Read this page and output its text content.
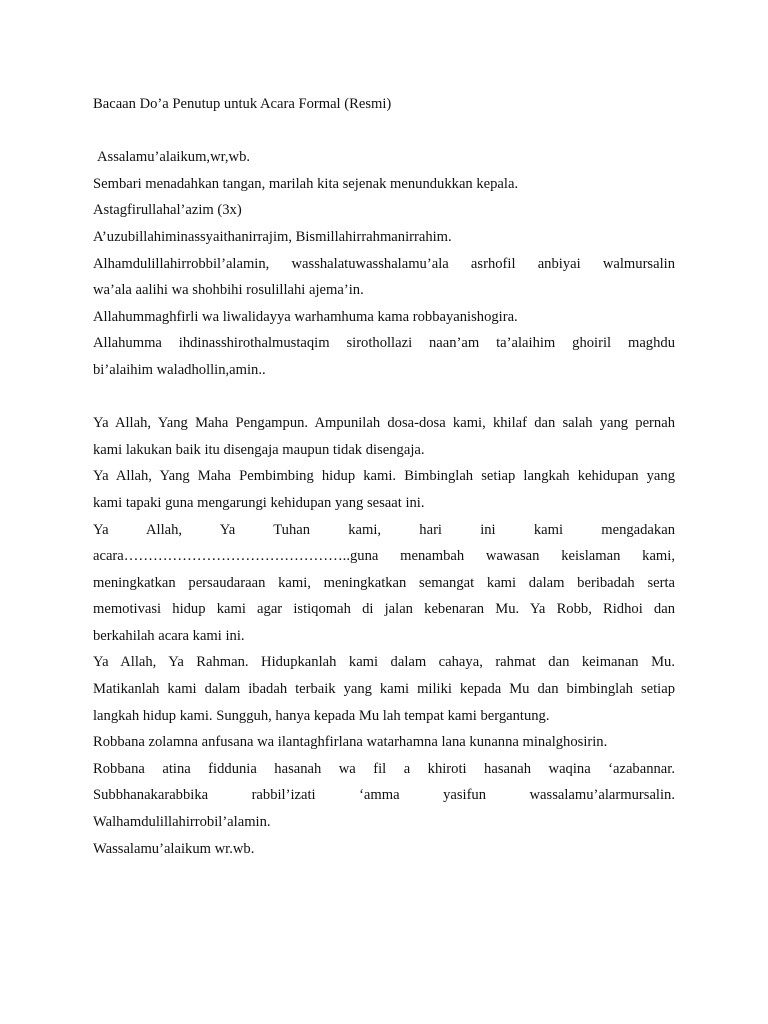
Bacaan Do’a Penutup untuk Acara Formal (Resmi)
Assalamu’alaikum,wr,wb.
Sembari menadahkan tangan, marilah kita sejenak menundukkan kepala.
Astagfirullahal’azim (3x)
A’uzubillahiminassyaithanirrajim, Bismillahirrahmanirrahim.
Alhamdulillahirrobbil’alamin, wasshalatuwasshalamu’ala asrhofil anbiyai walmursalin
wa’ala aalihi wa shohbihi rosulillahi ajema’in.
Allahummaghfirli wa liwalidayya warhamhuma kama robbayanishogira.
Allahumma ihdinasshirothalmustaqim sirothollazi naan’am ta’alaihim ghoiril maghdu
bi’alaihim waladhollin,amin..
Ya Allah, Yang Maha Pengampun. Ampunilah dosa-dosa kami, khilaf dan salah yang pernah
kami lakukan baik itu disengaja maupun tidak disengaja.
Ya Allah, Yang Maha Pembimbing hidup kami. Bimbinglah setiap langkah kehidupan yang
kami tapaki guna mengarungi kehidupan yang sesaat ini.
Ya Allah, Ya Tuhan kami, hari ini kami mengadakan
acara………………………………………..guna menambah wawasan keislaman kami,
meningkatkan persaudaraan kami, meningkatkan semangat kami dalam beribadah serta
memotivasi hidup kami agar istiqomah di jalan kebenaran Mu. Ya Robb, Ridhoi dan
berkahilah acara kami ini.
Ya Allah, Ya Rahman. Hidupkanlah kami dalam cahaya, rahmat dan keimanan Mu.
Matikanlah kami dalam ibadah terbaik yang kami miliki kepada Mu dan bimbinglah setiap
langkah hidup kami. Sungguh, hanya kepada Mu lah tempat kami bergantung.
Robbana zolamna anfusana wa ilantaghfirlana watarhamna lana kunanna minalghosirin.
Robbana atina fiddunia hasanah wa fil a khiroti hasanah waqina ‘azabannar.
Subbhanakarabbika rabbil’izati ‘amma yasifun wassalamu’alarmursalin.
Walhamdulillahirrobil’alamin.
Wassalamu’alaikum wr.wb.
